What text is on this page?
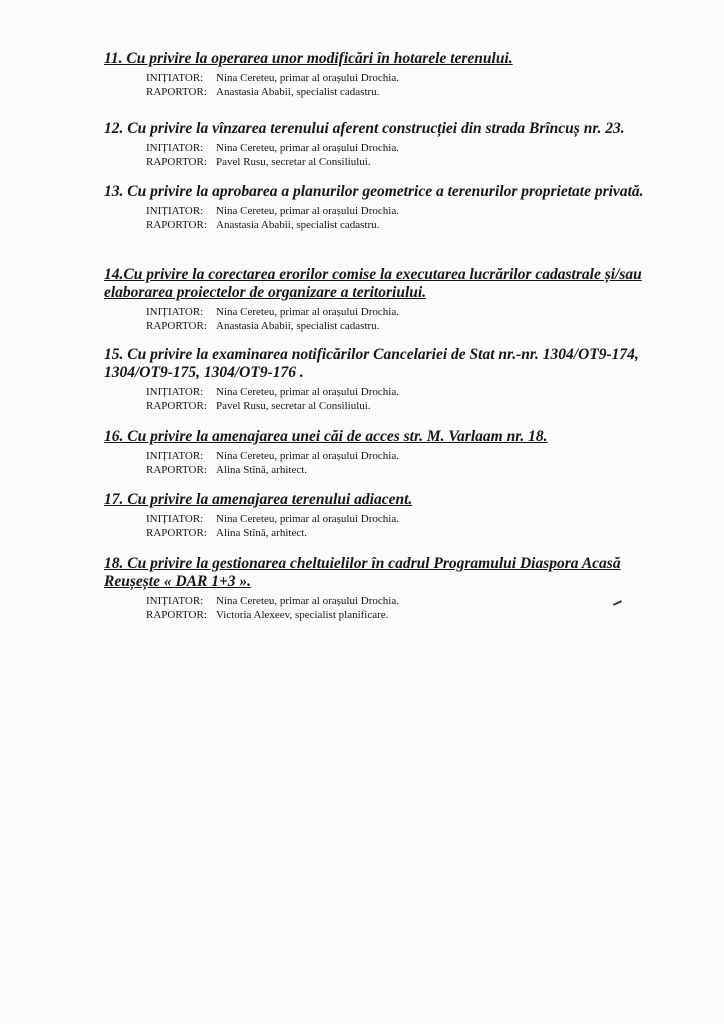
11. Cu privire la operarea unor modificări în hotarele terenului.

INIȚIATOR: Nina Cereteu, primar al orașului Drochia.
RAPORTOR: Anastasia Ababii, specialist cadastru.

12. Cu privire la vînzarea terenului aferent construcției din strada Brîncuș nr. 23.

INIȚIATOR: Nina Cereteu, primar al orașului Drochia.
RAPORTOR: Pavel Rusu, secretar al Consiliului.

13. Cu privire la aprobarea a planurilor geometrice a terenurilor proprietate privată.

INIȚIATOR: Nina Cereteu, primar al orașului Drochia.
RAPORTOR: Anastasia Ababii, specialist cadastru.

14.Cu privire la corectarea erorilor comise la executarea lucrărilor cadastrale și/sau elaborarea proiectelor de organizare a teritoriului.

INIȚIATOR: Nina Cereteu, primar al orașului Drochia.
RAPORTOR: Anastasia Ababii, specialist cadastru.

15. Cu privire la examinarea notificărilor Cancelariei de Stat nr.-nr. 1304/OT9-174, 1304/OT9-175, 1304/OT9-176 .

INIȚIATOR: Nina Cereteu, primar al orașului Drochia.
RAPORTOR: Pavel Rusu, secretar al Consiliului.

16. Cu privire la amenajarea unei căi de acces str. M. Varlaam nr. 18.

INIȚIATOR: Nina Cereteu, primar al orașului Drochia.
RAPORTOR: Alina Stînă, arhitect.

17. Cu privire la amenajarea terenului adiacent.

INIȚIATOR: Nina Cereteu, primar al orașului Drochia.
RAPORTOR: Alina Stînă, arhitect.

18. Cu privire la gestionarea cheltuielilor în cadrul Programului Diaspora Acasă Reușește « DAR 1+3 ».

INIȚIATOR: Nina Cereteu, primar al orașului Drochia.
RAPORTOR: Victoria Alexeev, specialist planificare.
